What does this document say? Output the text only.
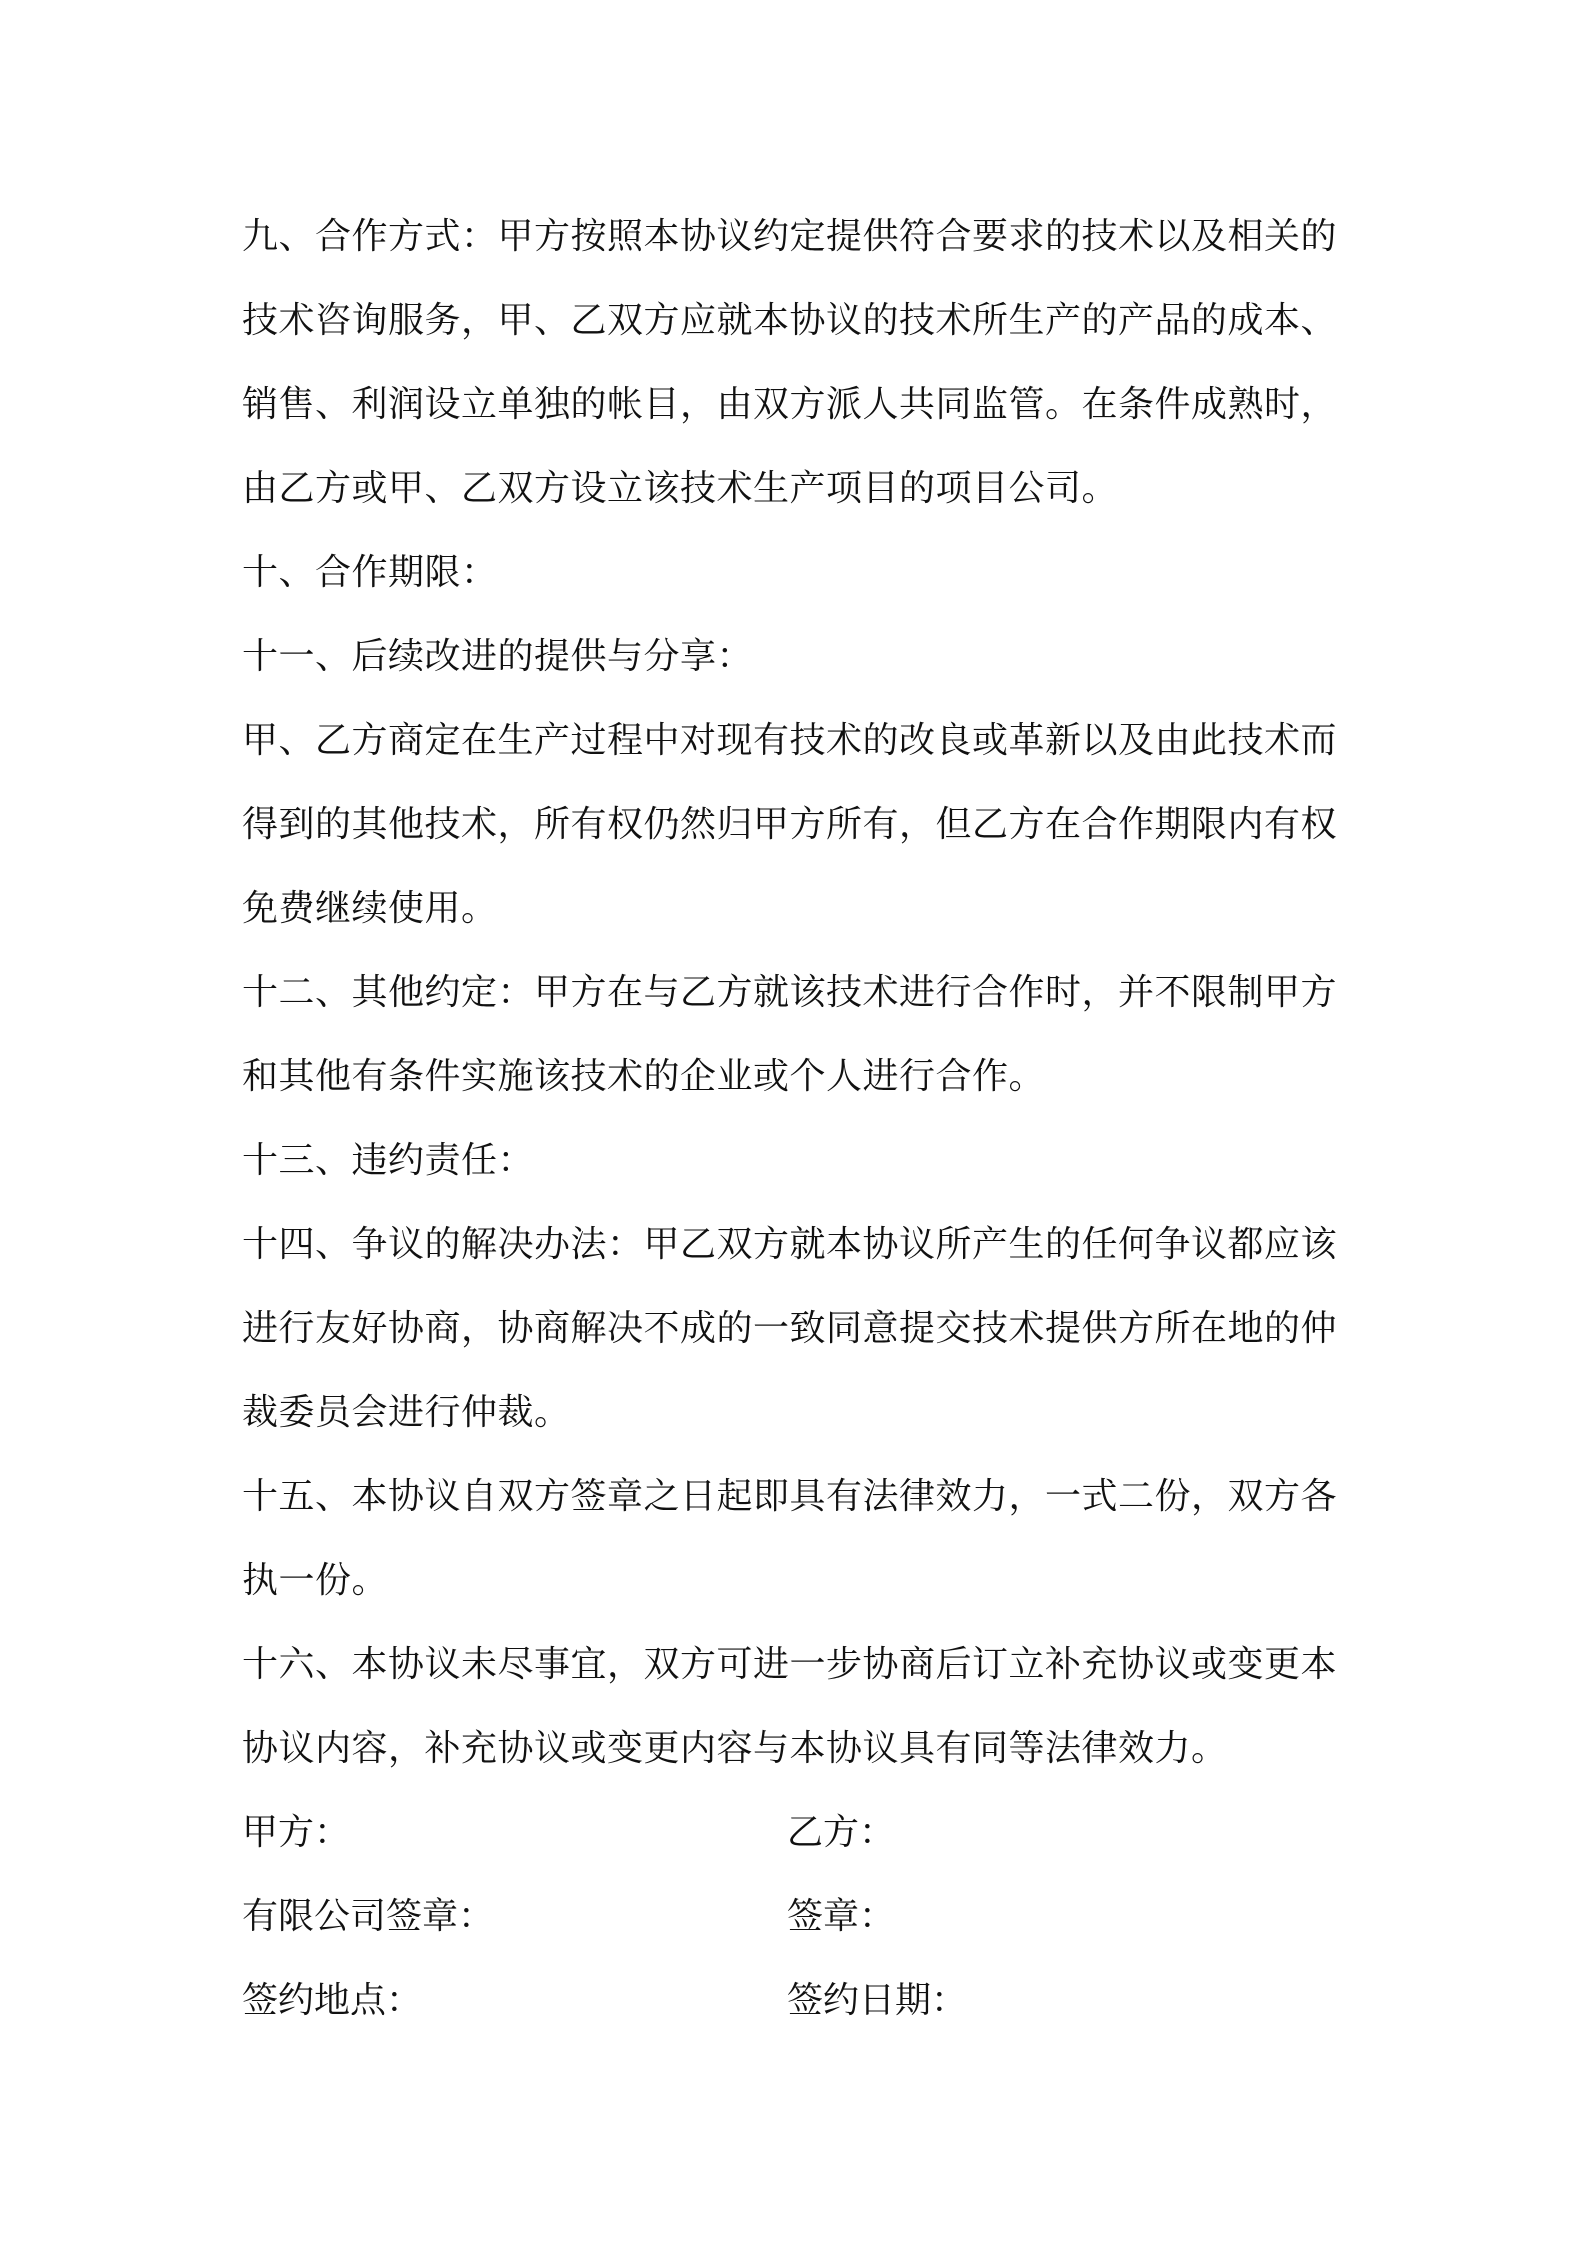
九、合作方式：甲方按照本协议约定提供符合要求的技术以及相关的
技术咨询服务，甲、乙双方应就本协议的技术所生产的产品的成本、
销售、利润设立单独的帐目，由双方派人共同监管。在条件成熟时，
由乙方或甲、乙双方设立该技术生产项目的项目公司。
十、合作期限：
十一、后续改进的提供与分享：
甲、乙方商定在生产过程中对现有技术的改良或革新以及由此技术而
得到的其他技术，所有权仍然归甲方所有，但乙方在合作期限内有权
免费继续使用。
十二、其他约定：甲方在与乙方就该技术进行合作时，并不限制甲方
和其他有条件实施该技术的企业或个人进行合作。
十三、违约责任：
十四、争议的解决办法：甲乙双方就本协议所产生的任何争议都应该
进行友好协商，协商解决不成的一致同意提交技术提供方所在地的仲
裁委员会进行仲裁。
十五、本协议自双方签章之日起即具有法律效力，一式二份，双方各
执一份。
十六、本协议未尽事宜，双方可进一步协商后订立补充协议或变更本
协议内容，补充协议或变更内容与本协议具有同等法律效力。
甲方：	乙方：
有限公司签章：	签章：
签约地点：	签约日期：
